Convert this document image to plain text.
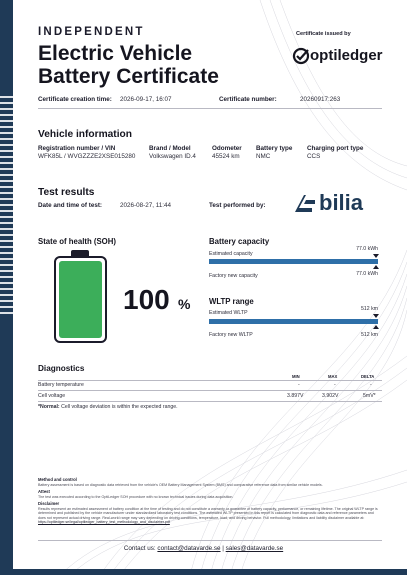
INDEPENDENT
Electric Vehicle
Battery Certificate
Certificate issued by
optiledger
Certificate creation time: 2026-09-17, 16:07	Certificate number:	20260917:263
Vehicle information
Registration number / VIN
WFK85L / WVGZZZE2XSE015280
Brand / Model
Volkswagen ID.4
Odometer
45524 km
Battery type
NMC
Charging port type
CCS
Test results
Date and time of test:	2026-08-27, 11:44	Test performed by: bilia
State of health (SOH)
100 %
Battery capacity
Estimated capacity
77.0 kWh
Factory new capacity	77.0 kWh
WLTP range
Estimated WLTP
512 km
Factory new WLTP	512 km
Diagnostics
MIN	MAX	DELTA
Battery temperature	-	-	-
Cell voltage	3.897V	3.902V	5mV*
*Normal: Cell voltage deviation is within the expected range.
Method and control
Battery assessment is based on diagnostic data retrieved from the vehicle's OEM Battery Management System (BMS) and comparative reference data from similar vehicle models.
Attest
The test was executed according to the OptiLedger SOH procedure with no known technical issues during data acquisition.
Disclaimer
Results represent an estimated assessment of battery condition at the time of testing and do not constitute a warranty or guarantee of battery capacity, performance, or remaining lifetime. The original WLTP range is determined and published by the vehicle manufacturer under standardized laboratory test conditions. The estimated WLTP presented in this report is calculated from diagnostic data and reference parameters and does not represent actual driving range. Real-world range may vary depending on driving conditions, temperature, load, and driving behavior. Full methodology, limitations and liability disclaimer available at: https://optiledger.se/legal/optiledger_battery_test_methodology_and_disclaimer.pdf
Contact us: contact@datavarde.se | sales@datavarde.se
